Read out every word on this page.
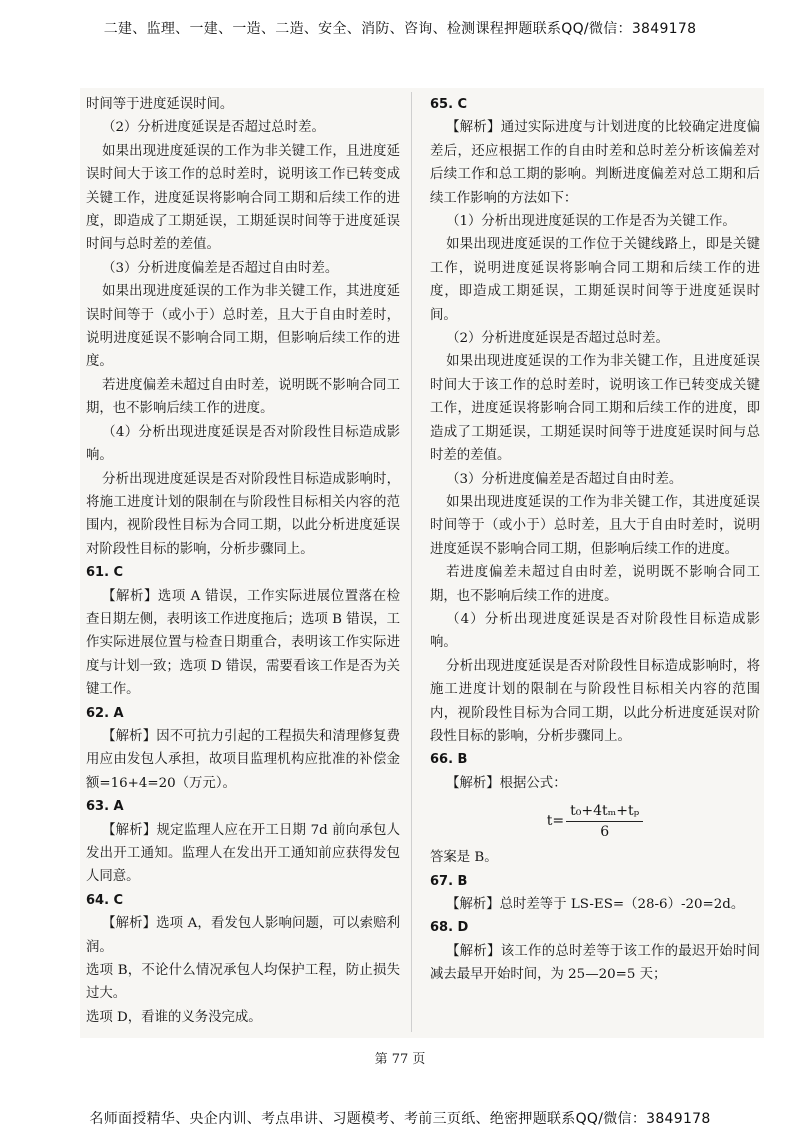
二建、监理、一建、一造、二造、安全、消防、咨询、检测课程押题联系QQ/微信：3849178

时间等于进度延误时间。

（2）分析进度延误是否超过总时差。

如果出现进度延误的工作为非关键工作，且进度延误时间大于该工作的总时差时，说明该工作已转变成关键工作，进度延误将影响合同工期和后续工作的进度，即造成了工期延误，工期延误时间等于进度延误时间与总时差的差值。

（3）分析进度偏差是否超过自由时差。

如果出现进度延误的工作为非关键工作，其进度延误时间等于（或小于）总时差，且大于自由时差时，说明进度延误不影响合同工期，但影响后续工作的进度。

若进度偏差未超过自由时差，说明既不影响合同工期，也不影响后续工作的进度。

（4）分析出现进度延误是否对阶段性目标造成影响。

分析出现进度延误是否对阶段性目标造成影响时，将施工进度计划的限制在与阶段性目标相关内容的范围内，视阶段性目标为合同工期，以此分析进度延误对阶段性目标的影响，分析步骤同上。

61. C

【解析】选项 A 错误，工作实际进展位置落在检查日期左侧，表明该工作进度拖后；选项 B 错误，工作实际进展位置与检查日期重合，表明该工作实际进度与计划一致；选项 D 错误，需要看该工作是否为关键工作。

62. A

【解析】因不可抗力引起的工程损失和清理修复费用应由发包人承担，故项目监理机构应批准的补偿金额=16+4=20（万元）。

63. A

【解析】规定监理人应在开工日期 7d 前向承包人发出开工通知。监理人在发出开工通知前应获得发包人同意。

64. C

【解析】选项 A，看发包人影响问题，可以索赔利润。

选项 B，不论什么情况承包人均保护工程，防止损失过大。

选项 D，看谁的义务没完成。

65. C

【解析】通过实际进度与计划进度的比较确定进度偏差后，还应根据工作的自由时差和总时差分析该偏差对后续工作和总工期的影响。判断进度偏差对总工期和后续工作影响的方法如下：

（1）分析出现进度延误的工作是否为关键工作。

如果出现进度延误的工作位于关键线路上，即是关键工作，说明进度延误将影响合同工期和后续工作的进度，即造成工期延误，工期延误时间等于进度延误时间。

（2）分析进度延误是否超过总时差。

如果出现进度延误的工作为非关键工作，且进度延误时间大于该工作的总时差时，说明该工作已转变成关键工作，进度延误将影响合同工期和后续工作的进度，即造成了工期延误，工期延误时间等于进度延误时间与总时差的差值。

（3）分析进度偏差是否超过自由时差。

如果出现进度延误的工作为非关键工作，其进度延误时间等于（或小于）总时差，且大于自由时差时，说明进度延误不影响合同工期，但影响后续工作的进度。

若进度偏差未超过自由时差，说明既不影响合同工期，也不影响后续工作的进度。

（4）分析出现进度延误是否对阶段性目标造成影响。

分析出现进度延误是否对阶段性目标造成影响时，将施工进度计划的限制在与阶段性目标相关内容的范围内，视阶段性目标为合同工期，以此分析进度延误对阶段性目标的影响，分析步骤同上。

66. B

【解析】根据公式：

$t= \frac{\text{t₀+4tₘ+tₚ}}{6}$

答案是 B。

67. B

【解析】总时差等于 LS-ES=（28-6）-20=2d。

68. D

【解析】该工作的总时差等于该工作的最迟开始时间减去最早开始时间，为 25—20=5 天；

第 77 页
名师面授精华、央企内训、考点串讲、习题模考、考前三页纸、绝密押题联系QQ/微信：3849178
